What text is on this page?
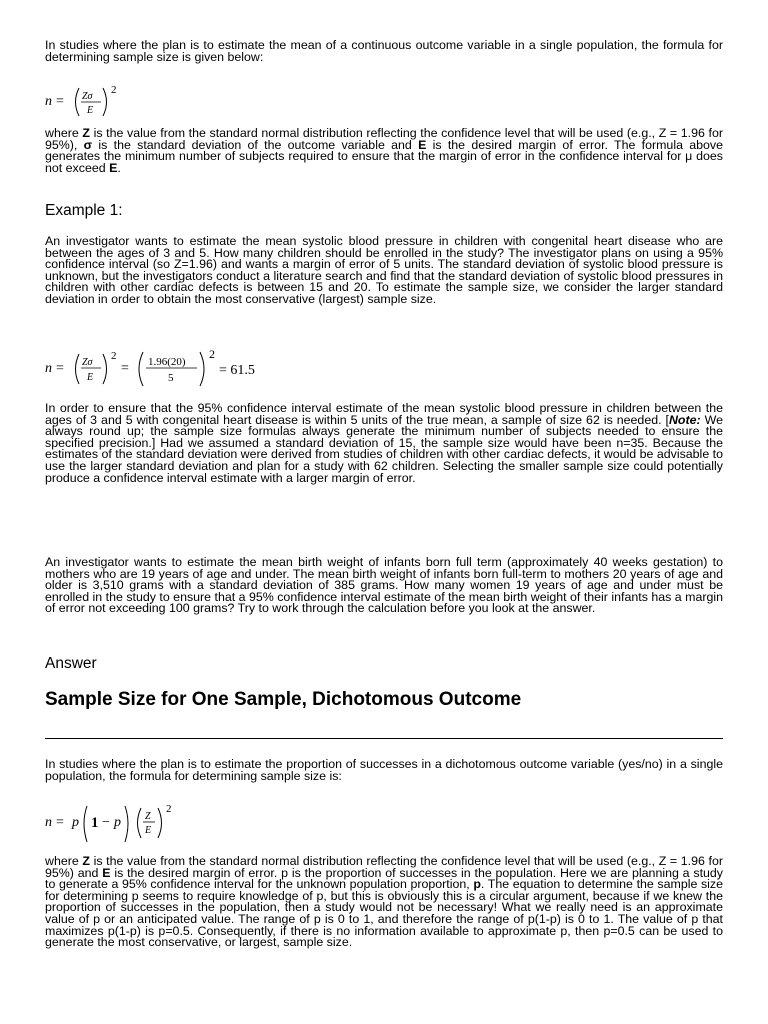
In studies where the plan is to estimate the mean of a continuous outcome variable in a single population, the formula for determining sample size is given below:

n = Zσ
E
2

where Z is the value from the standard normal distribution reflecting the confidence level that will be used (e.g., Z = 1.96 for 95%), σ is the standard deviation of the outcome variable and E is the desired margin of error. The formula above generates the minimum number of subjects required to ensure that the margin of error in the confidence interval for μ does not exceed E.

Example 1:

An investigator wants to estimate the mean systolic blood pressure in children with congenital heart disease who are between the ages of 3 and 5. How many children should be enrolled in the study? The investigator plans on using a 95% confidence interval (so Z=1.96) and wants a margin of error of 5 units. The standard deviation of systolic blood pressure is unknown, but the investigators conduct a literature search and find that the standard deviation of systolic blood pressures in children with other cardiac defects is between 15 and 20. To estimate the sample size, we consider the larger standard deviation in order to obtain the most conservative (largest) sample size.

n = Zσ
E
2
= 1.96(20)
5
2
= 61.5

In order to ensure that the 95% confidence interval estimate of the mean systolic blood pressure in children between the ages of 3 and 5 with congenital heart disease is within 5 units of the true mean, a sample of size 62 is needed. [Note: We always round up; the sample size formulas always generate the minimum number of subjects needed to ensure the specified precision.] Had we assumed a standard deviation of 15, the sample size would have been n=35. Because the estimates of the standard deviation were derived from studies of children with other cardiac defects, it would be advisable to use the larger standard deviation and plan for a study with 62 children. Selecting the smaller sample size could potentially produce a confidence interval estimate with a larger margin of error.

An investigator wants to estimate the mean birth weight of infants born full term (approximately 40 weeks gestation) to mothers who are 19 years of age and under. The mean birth weight of infants born full-term to mothers 20 years of age and older is 3,510 grams with a standard deviation of 385 grams. How many women 19 years of age and under must be enrolled in the study to ensure that a 95% confidence interval estimate of the mean birth weight of their infants has a margin of error not exceeding 100 grams? Try to work through the calculation before you look at the answer.

Answer
Sample Size for One Sample, Dichotomous Outcome

In studies where the plan is to estimate the proportion of successes in a dichotomous outcome variable (yes/no) in a single population, the formula for determining sample size is:

n = p 1 − p Z
E
2

where Z is the value from the standard normal distribution reflecting the confidence level that will be used (e.g., Z = 1.96 for 95%) and E is the desired margin of error. p is the proportion of successes in the population. Here we are planning a study to generate a 95% confidence interval for the unknown population proportion, p. The equation to determine the sample size for determining p seems to require knowledge of p, but this is obviously this is a circular argument, because if we knew the proportion of successes in the population, then a study would not be necessary! What we really need is an approximate value of p or an anticipated value. The range of p is 0 to 1, and therefore the range of p(1-p) is 0 to 1. The value of p that maximizes p(1-p) is p=0.5. Consequently, if there is no information available to approximate p, then p=0.5 can be used to generate the most conservative, or largest, sample size.
